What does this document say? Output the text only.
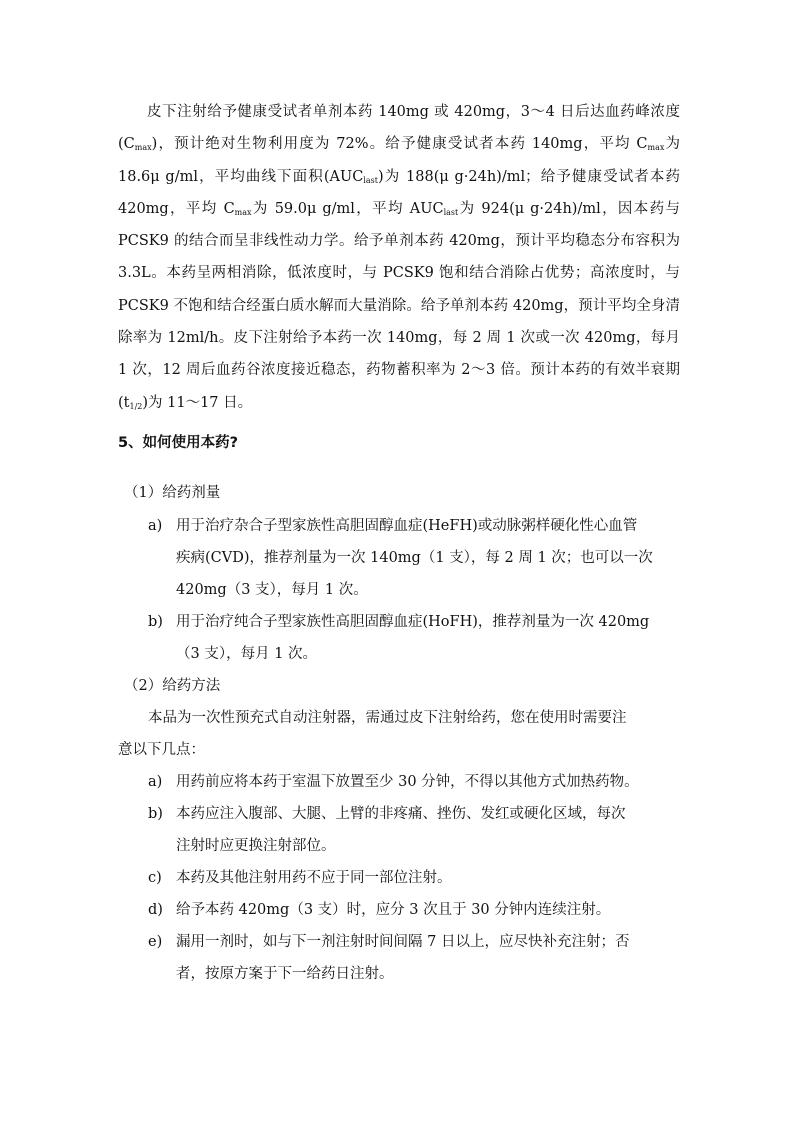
皮下注射给予健康受试者单剂本药 140mg 或 420mg，3～4 日后达血药峰浓度$(C_{max})$，预计绝对生物利用度为 72%。给予健康受试者本药 140mg，平均 $C_{max}$为 18.6μ g/ml，平均曲线下面积$(AUC_{last})$为 188(μ g·24h)/ml；给予健康受试者本药 420mg，平均 $C_{max}$为 59.0μ g/ml，平均 $AUC_{last}$为 924(μ g·24h)/ml，因本药与 PCSK9 的结合而呈非线性动力学。给予单剂本药 420mg，预计平均稳态分布容积为 3.3L。本药呈两相消除，低浓度时，与 PCSK9 饱和结合消除占优势；高浓度时，与 PCSK9 不饱和结合经蛋白质水解而大量消除。给予单剂本药 420mg，预计平均全身清除率为 12ml/h。皮下注射给予本药一次 140mg，每 2 周 1 次或一次 420mg，每月 1 次，12 周后血药谷浓度接近稳态，药物蓄积率为 2～3 倍。预计本药的有效半衰期$(t_{1/2})$为 11～17 日。

5、如何使用本药?
（1）给药剂量
a) 用于治疗杂合子型家族性高胆固醇血症(HeFH)或动脉粥样硬化性心血管
疾病(CVD)，推荐剂量为一次 140mg（1 支），每 2 周 1 次；也可以一次
420mg（3 支），每月 1 次。
b) 用于治疗纯合子型家族性高胆固醇血症(HoFH)，推荐剂量为一次 420mg
（3 支），每月 1 次。
（2）给药方法
本品为一次性预充式自动注射器，需通过皮下注射给药，您在使用时需要注
意以下几点：
a) 用药前应将本药于室温下放置至少 30 分钟，不得以其他方式加热药物。
b) 本药应注入腹部、大腿、上臂的非疼痛、挫伤、发红或硬化区域，每次
注射时应更换注射部位。
c) 本药及其他注射用药不应于同一部位注射。
d) 给予本药 420mg（3 支）时，应分 3 次且于 30 分钟内连续注射。
e) 漏用一剂时，如与下一剂注射时间间隔 7 日以上，应尽快补充注射；否
者，按原方案于下一给药日注射。
